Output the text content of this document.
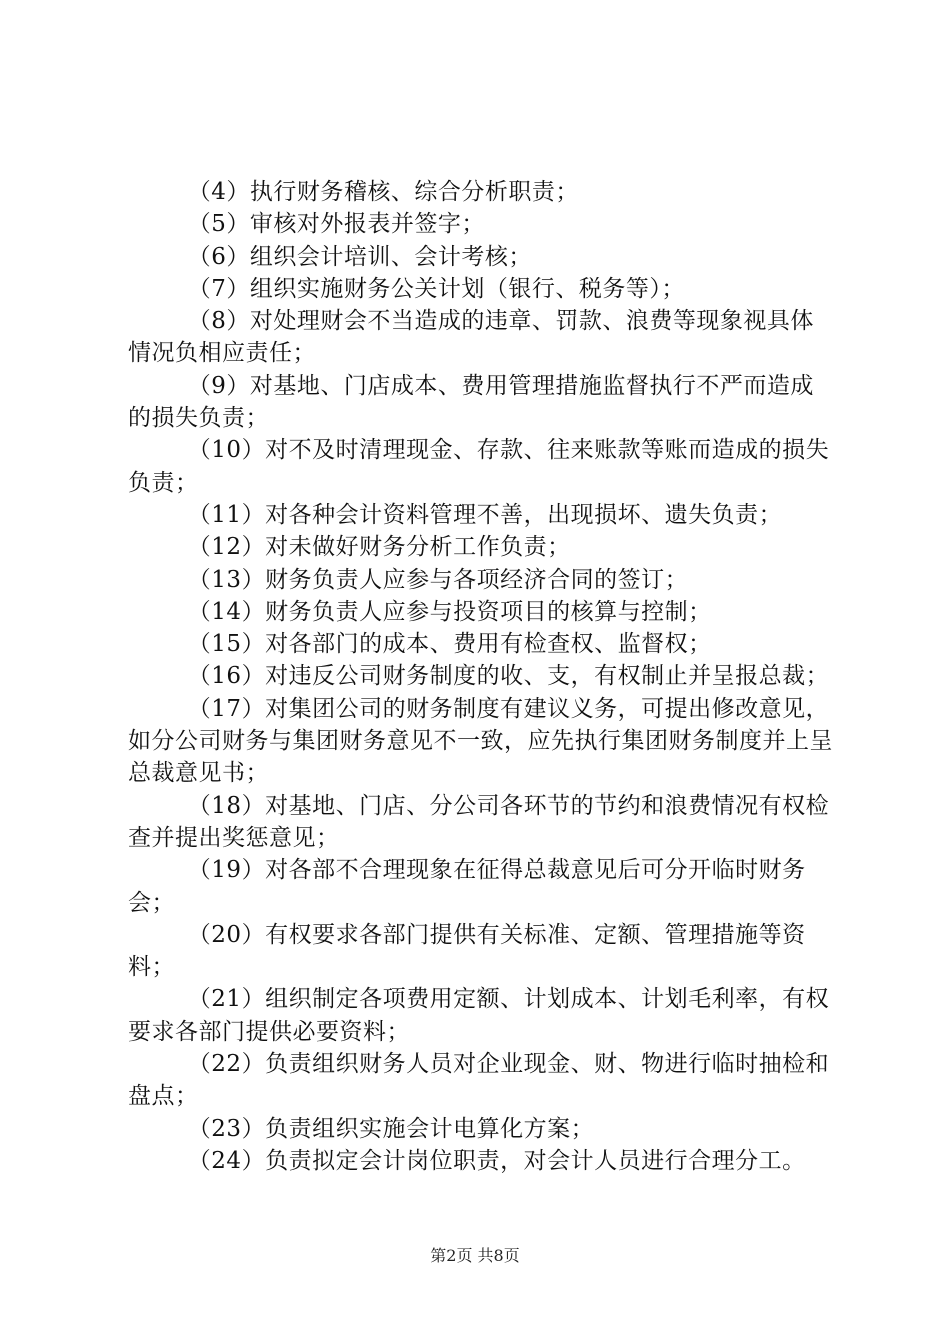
（4）执行财务稽核、综合分析职责；

（5）审核对外报表并签字；

（6）组织会计培训、会计考核；

（7）组织实施财务公关计划（银行、税务等）；

（8）对处理财会不当造成的违章、罚款、浪费等现象视具体情况负相应责任；

（9）对基地、门店成本、费用管理措施监督执行不严而造成的损失负责；

（10）对不及时清理现金、存款、往来账款等账而造成的损失负责；

（11）对各种会计资料管理不善，出现损坏、遗失负责；

（12）对未做好财务分析工作负责；

（13）财务负责人应参与各项经济合同的签订；

（14）财务负责人应参与投资项目的核算与控制；

（15）对各部门的成本、费用有检查权、监督权；

（16）对违反公司财务制度的收、支，有权制止并呈报总裁；

（17）对集团公司的财务制度有建议义务，可提出修改意见，如分公司财务与集团财务意见不一致，应先执行集团财务制度并上呈总裁意见书；

（18）对基地、门店、分公司各环节的节约和浪费情况有权检查并提出奖惩意见；

（19）对各部不合理现象在征得总裁意见后可分开临时财务会；

（20）有权要求各部门提供有关标准、定额、管理措施等资料；

（21）组织制定各项费用定额、计划成本、计划毛利率，有权要求各部门提供必要资料；

（22）负责组织财务人员对企业现金、财、物进行临时抽检和盘点；

（23）负责组织实施会计电算化方案；

（24）负责拟定会计岗位职责，对会计人员进行合理分工。

第2页 共8页
